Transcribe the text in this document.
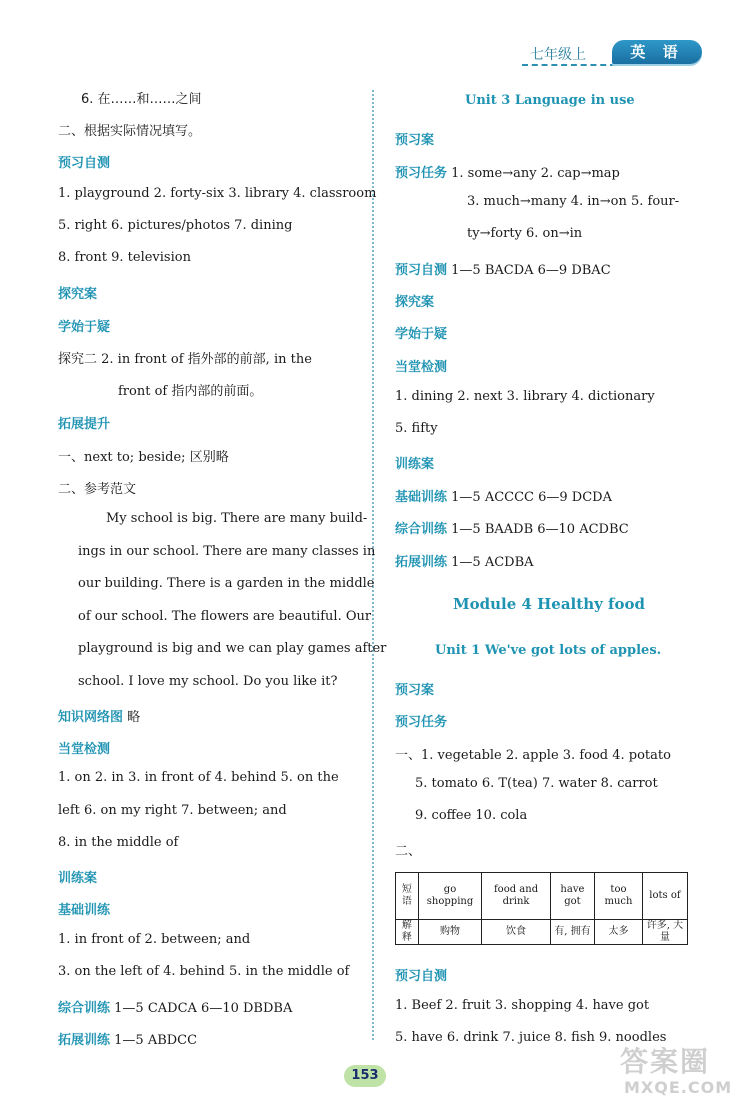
七年级上	英 语
6. 在……和……之间
二、根据实际情况填写。
预习自测
1. playground 2. forty-six 3. library 4. classroom
5. right 6. pictures/photos 7. dining
8. front 9. television
探究案
学始于疑
探究二 2. in front of 指外部的前部, in the
front of 指内部的前面。
拓展提升
一、next to; beside; 区别略
二、参考范文
My school is big. There are many build-
ings in our school. There are many classes in
our building. There is a garden in the middle
of our school. The flowers are beautiful. Our
playground is big and we can play games after
school. I love my school. Do you like it?
知识网络图 略
当堂检测
1. on 2. in 3. in front of 4. behind 5. on the
left 6. on my right 7. between; and
8. in the middle of
训练案
基础训练
1. in front of 2. between; and
3. on the left of 4. behind 5. in the middle of
综合训练 1—5 CADCA 6—10 DBDBA
拓展训练 1—5 ABDCC
Unit 3 Language in use
预习案
预习任务 1. some→any 2. cap→map
3. much→many 4. in→on 5. four-
ty→forty 6. on→in
预习自测 1—5 BACDA 6—9 DBAC
探究案
学始于疑
当堂检测
1. dining 2. next 3. library 4. dictionary
5. fifty
训练案
基础训练 1—5 ACCCC 6—9 DCDA
综合训练 1—5 BAADB 6—10 ACDBC
拓展训练 1—5 ACDBA
Module 4 Healthy food
Unit 1 We've got lots of apples.
预习案
预习任务
一、1. vegetable 2. apple 3. food 4. potato
5. tomato 6. T(tea) 7. water 8. carrot
9. coffee 10. cola
二、
预习自测
1. Beef 2. fruit 3. shopping 4. have got
5. have 6. drink 7. juice 8. fish 9. noodles
短语	go shopping	food and drink	have got	too much	lots of
解释	购物	饮食	有, 拥有	太多	许多, 大量
153	答案圈
MXQE.COM
